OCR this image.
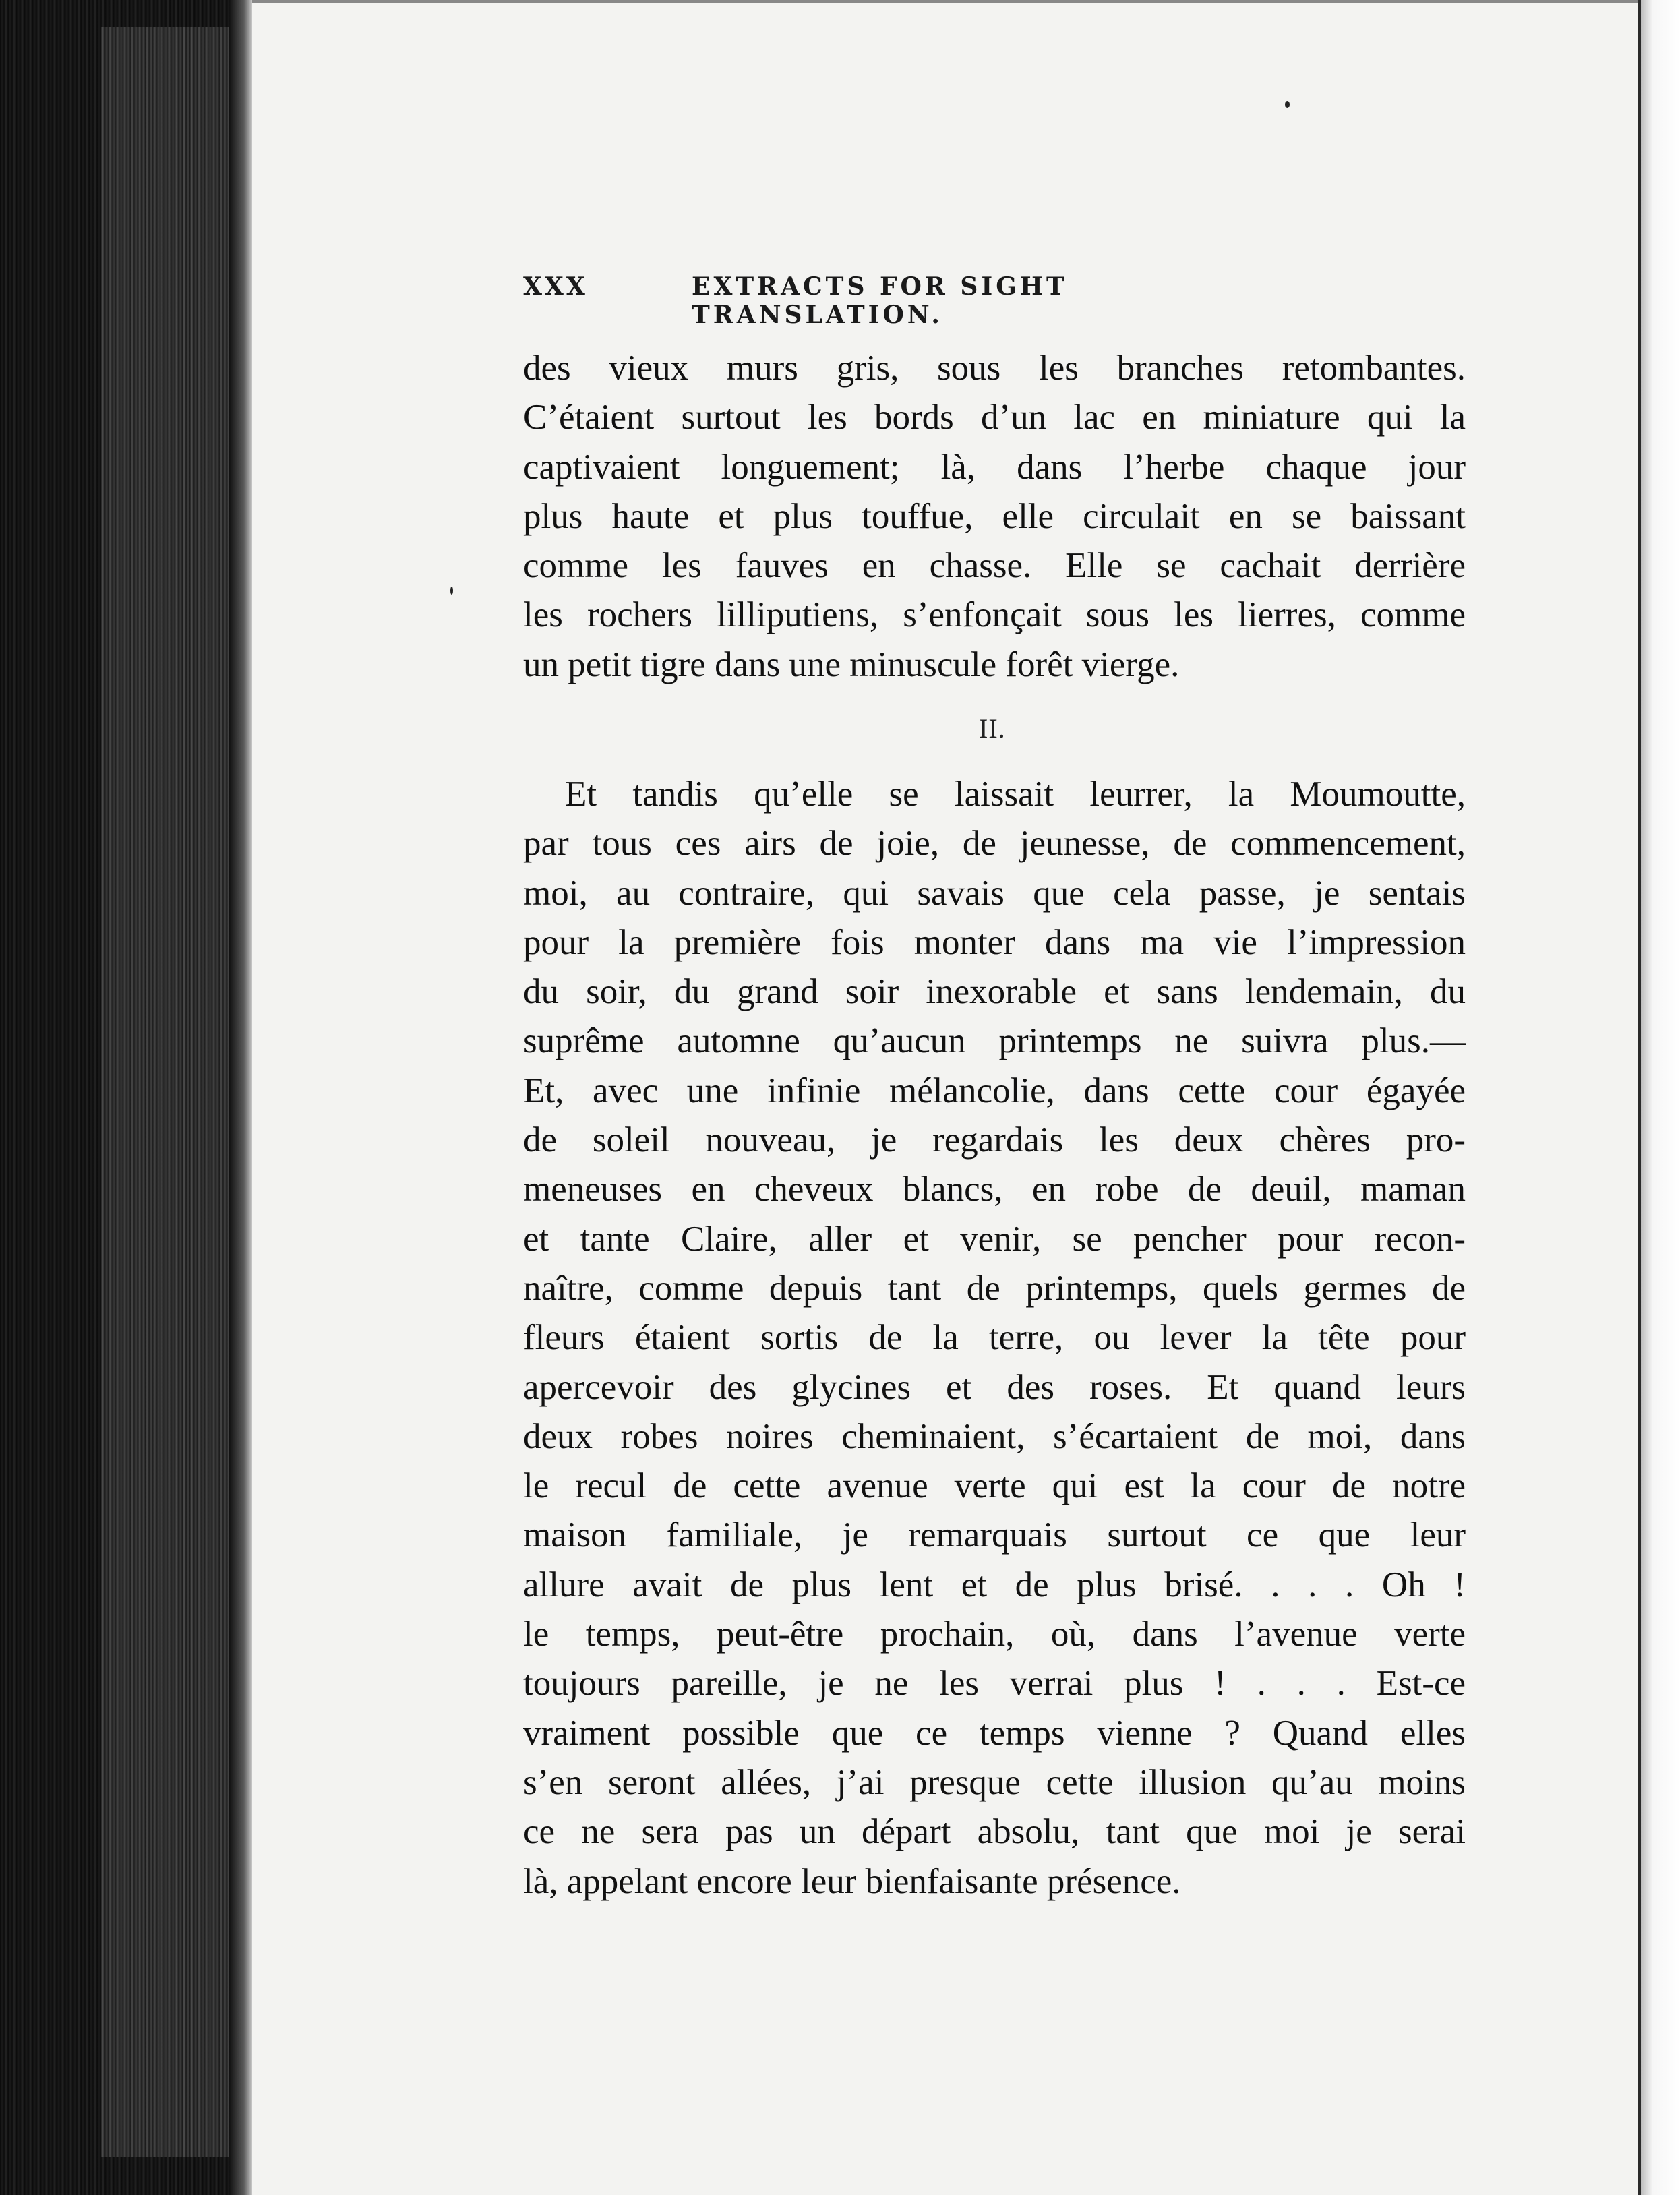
XXX	EXTRACTS FOR SIGHT TRANSLATION.
des vieux murs gris, sous les branches retombantes.
C’étaient surtout les bords d’un lac en miniature qui la
captivaient longuement; là, dans l’herbe chaque jour
plus haute et plus touffue, elle circulait en se baissant
comme les fauves en chasse. Elle se cachait derrière
les rochers lilliputiens, s’enfonçait sous les lierres, comme
un petit tigre dans une minuscule forêt vierge.
II.
Et tandis qu’elle se laissait leurrer, la Moumoutte,
par tous ces airs de joie, de jeunesse, de commencement,
moi, au contraire, qui savais que cela passe, je sentais
pour la première fois monter dans ma vie l’impression
du soir, du grand soir inexorable et sans lendemain, du
suprême automne qu’aucun printemps ne suivra plus.—
Et, avec une infinie mélancolie, dans cette cour égayée
de soleil nouveau, je regardais les deux chères pro-
meneuses en cheveux blancs, en robe de deuil, maman
et tante Claire, aller et venir, se pencher pour recon-
naître, comme depuis tant de printemps, quels germes de
fleurs étaient sortis de la terre, ou lever la tête pour
apercevoir des glycines et des roses. Et quand leurs
deux robes noires cheminaient, s’écartaient de moi, dans
le recul de cette avenue verte qui est la cour de notre
maison familiale, je remarquais surtout ce que leur
allure avait de plus lent et de plus brisé. . . . Oh !
le temps, peut-être prochain, où, dans l’avenue verte
toujours pareille, je ne les verrai plus ! . . . Est-ce
vraiment possible que ce temps vienne ? Quand elles
s’en seront allées, j’ai presque cette illusion qu’au moins
ce ne sera pas un départ absolu, tant que moi je serai
là, appelant encore leur bienfaisante présence.
